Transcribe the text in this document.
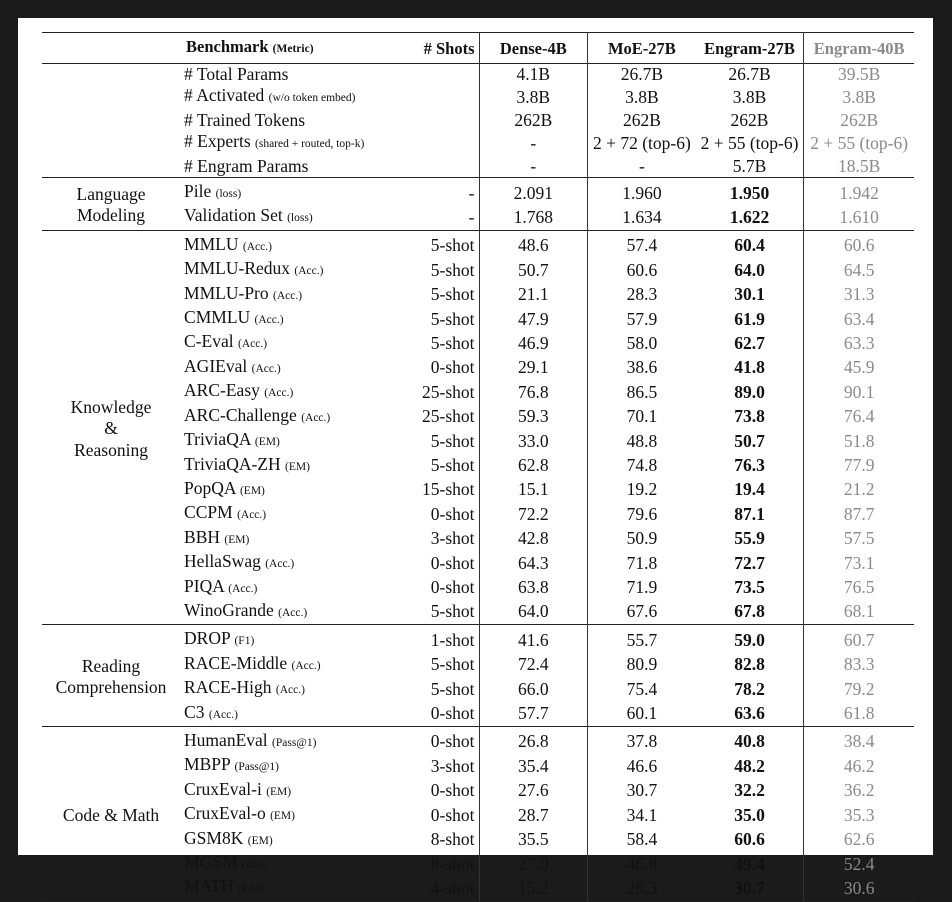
	Benchmark (Metric)	# Shots	Dense-4B	MoE-27B	Engram-27B	Engram-40B
	# Total Params		4.1B	26.7B	26.7B	39.5B
	# Activated (w/o token embed)		3.8B	3.8B	3.8B	3.8B
	# Trained Tokens		262B	262B	262B	262B
	# Experts (shared + routed, top-k)		-	2 + 72 (top-6)	2 + 55 (top-6)	2 + 55 (top-6)
	# Engram Params		-	-	5.7B	18.5B
Language
Modeling	Pile (loss)	-	2.091	1.960	1.950	1.942
	Validation Set (loss)	-	1.768	1.634	1.622	1.610
Knowledge
&
Reasoning	MMLU (Acc.)	5-shot	48.6	57.4	60.4	60.6
	MMLU-Redux (Acc.)	5-shot	50.7	60.6	64.0	64.5
	MMLU-Pro (Acc.)	5-shot	21.1	28.3	30.1	31.3
	CMMLU (Acc.)	5-shot	47.9	57.9	61.9	63.4
	C-Eval (Acc.)	5-shot	46.9	58.0	62.7	63.3
	AGIEval (Acc.)	0-shot	29.1	38.6	41.8	45.9
	ARC-Easy (Acc.)	25-shot	76.8	86.5	89.0	90.1
	ARC-Challenge (Acc.)	25-shot	59.3	70.1	73.8	76.4
	TriviaQA (EM)	5-shot	33.0	48.8	50.7	51.8
	TriviaQA-ZH (EM)	5-shot	62.8	74.8	76.3	77.9
	PopQA (EM)	15-shot	15.1	19.2	19.4	21.2
	CCPM (Acc.)	0-shot	72.2	79.6	87.1	87.7
	BBH (EM)	3-shot	42.8	50.9	55.9	57.5
	HellaSwag (Acc.)	0-shot	64.3	71.8	72.7	73.1
	PIQA (Acc.)	0-shot	63.8	71.9	73.5	76.5
	WinoGrande (Acc.)	5-shot	64.0	67.6	67.8	68.1
Reading
Comprehension	DROP (F1)	1-shot	41.6	55.7	59.0	60.7
	RACE-Middle (Acc.)	5-shot	72.4	80.9	82.8	83.3
	RACE-High (Acc.)	5-shot	66.0	75.4	78.2	79.2
	C3 (Acc.)	0-shot	57.7	60.1	63.6	61.8
Code & Math	HumanEval (Pass@1)	0-shot	26.8	37.8	40.8	38.4
	MBPP (Pass@1)	3-shot	35.4	46.6	48.2	46.2
	CruxEval-i (EM)	0-shot	27.6	30.7	32.2	36.2
	CruxEval-o (EM)	0-shot	28.7	34.1	35.0	35.3
	GSM8K (EM)	8-shot	35.5	58.4	60.6	62.6
	MGSM (EM)	8-shot	27.0	46.8	49.4	52.4
	MATH (EM)	4-shot	15.2	28.3	30.7	30.6
